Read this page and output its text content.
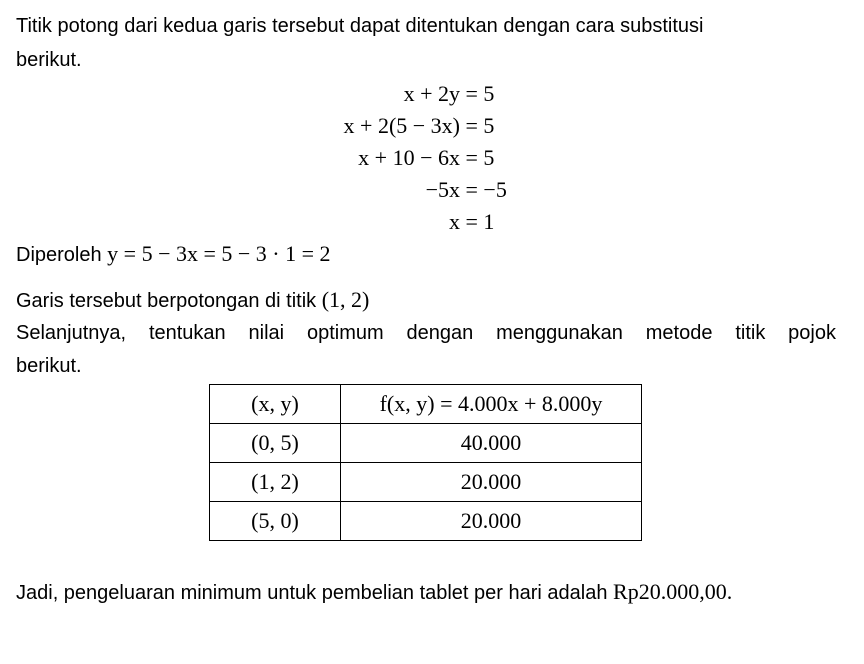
Titik potong dari kedua garis tersebut dapat ditentukan dengan cara substitusi
berikut.
x + 2y = 5
x + 2(5 − 3x) = 5
x + 10 − 6x = 5
−5x = −5
x = 1
Diperoleh y = 5 − 3x = 5 − 3 · 1 = 2
Garis tersebut berpotongan di titik (1, 2)
Selanjutnya, tentukan nilai optimum dengan menggunakan metode titik pojok
berikut.
(x, y)	f(x, y) = 4.000x + 8.000y
(0, 5)	40.000
(1, 2)	20.000
(5, 0)	20.000
Jadi, pengeluaran minimum untuk pembelian tablet per hari adalah Rp20.000,00.
